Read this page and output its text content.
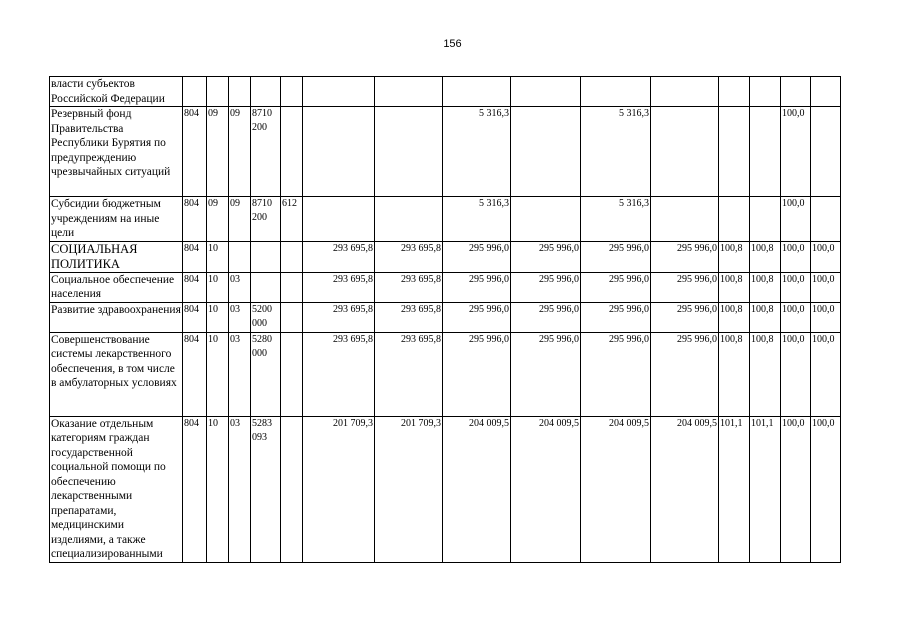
156
власти субъектов Российской Федерации															
Резервный фонд Правительства Республики Бурятия по предупреждению чрезвычайных ситуаций	804	09	09	8710 200				5 316,3		5 316,3				100,0	
Субсидии бюджетным учреждениям на иные цели	804	09	09	8710 200	612			5 316,3		5 316,3				100,0	
СОЦИАЛЬНАЯ ПОЛИТИКА	804	10				293 695,8	293 695,8	295 996,0	295 996,0	295 996,0	295 996,0	100,8	100,8	100,0	100,0
Социальное обеспечение населения	804	10	03			293 695,8	293 695,8	295 996,0	295 996,0	295 996,0	295 996,0	100,8	100,8	100,0	100,0
Развитие здравоохранения	804	10	03	5200 000		293 695,8	293 695,8	295 996,0	295 996,0	295 996,0	295 996,0	100,8	100,8	100,0	100,0
Совершенствование системы лекарственного обеспечения, в том числе в амбулаторных условиях	804	10	03	5280 000		293 695,8	293 695,8	295 996,0	295 996,0	295 996,0	295 996,0	100,8	100,8	100,0	100,0
Оказание отдельным категориям граждан государственной социальной помощи по обеспечению лекарственными препаратами, медицинскими изделиями, а также специализированными	804	10	03	5283 093		201 709,3	201 709,3	204 009,5	204 009,5	204 009,5	204 009,5	101,1	101,1	100,0	100,0
